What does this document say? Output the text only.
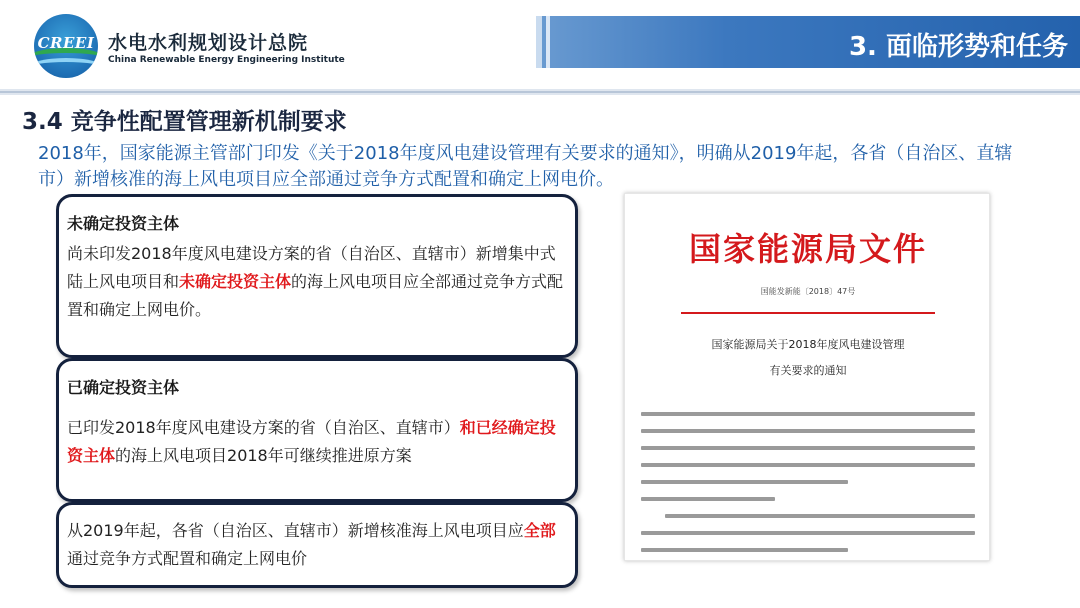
CREEI 水电水利规划设计总院
China Renewable Energy Engineering Institute	3. 面临形势和任务
3.4 竞争性配置管理新机制要求
2018年，国家能源主管部门印发《关于2018年度风电建设管理有关要求的通知》，明确从2019年起，各省（自治区、直辖市）新增核准的海上风电项目应全部通过竞争方式配置和确定上网电价。
未确定投资主体
尚未印发2018年度风电建设方案的省（自治区、直辖市）新增集中式陆上风电项目和未确定投资主体的海上风电项目应全部通过竞争方式配置和确定上网电价。
已确定投资主体
已印发2018年度风电建设方案的省（自治区、直辖市）和已经确定投资主体的海上风电项目2018年可继续推进原方案
从2019年起，各省（自治区、直辖市）新增核准海上风电项目应全部通过竞争方式配置和确定上网电价
国家能源局文件
国能发新能〔2018〕47号
国家能源局关于2018年度风电建设管理
有关要求的通知
